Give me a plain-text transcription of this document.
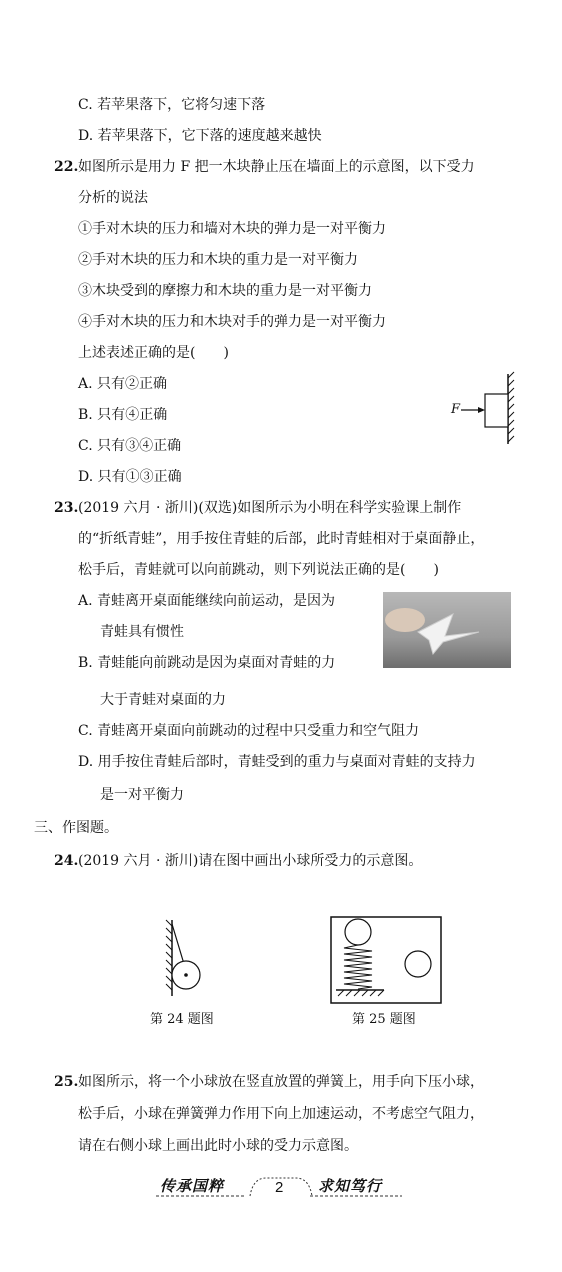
C. 若苹果落下，它将匀速下落
D. 若苹果落下，它下落的速度越来越快
22. 如图所示是用力 F 把一木块静止压在墙面上的示意图，以下受力
分析的说法
①手对木块的压力和墙对木块的弹力是一对平衡力
②手对木块的压力和木块的重力是一对平衡力
③木块受到的摩擦力和木块的重力是一对平衡力
④手对木块的压力和木块对手的弹力是一对平衡力
上述表述正确的是(　　)
A. 只有②正确
B. 只有④正确
C. 只有③④正确
D. 只有①③正确
F
23. (2019 六月 · 浙川)(双选)如图所示为小明在科学实验课上制作
的“折纸青蛙”，用手按住青蛙的后部，此时青蛙相对于桌面静止，
松手后，青蛙就可以向前跳动，则下列说法正确的是(　　)
A. 青蛙离开桌面能继续向前运动，是因为
青蛙具有惯性
B. 青蛙能向前跳动是因为桌面对青蛙的力
大于青蛙对桌面的力
C. 青蛙离开桌面向前跳动的过程中只受重力和空气阻力
D. 用手按住青蛙后部时，青蛙受到的重力与桌面对青蛙的支持力
是一对平衡力
三、作图题。
24. (2019 六月 · 浙川)请在图中画出小球所受力的示意图。
第 24 题图	第 25 题图
25. 如图所示，将一个小球放在竖直放置的弹簧上，用手向下压小球，
松手后，小球在弹簧弹力作用下向上加速运动，不考虑空气阻力，
请在右侧小球上画出此时小球的受力示意图。
传承国粹	2 求知笃行
